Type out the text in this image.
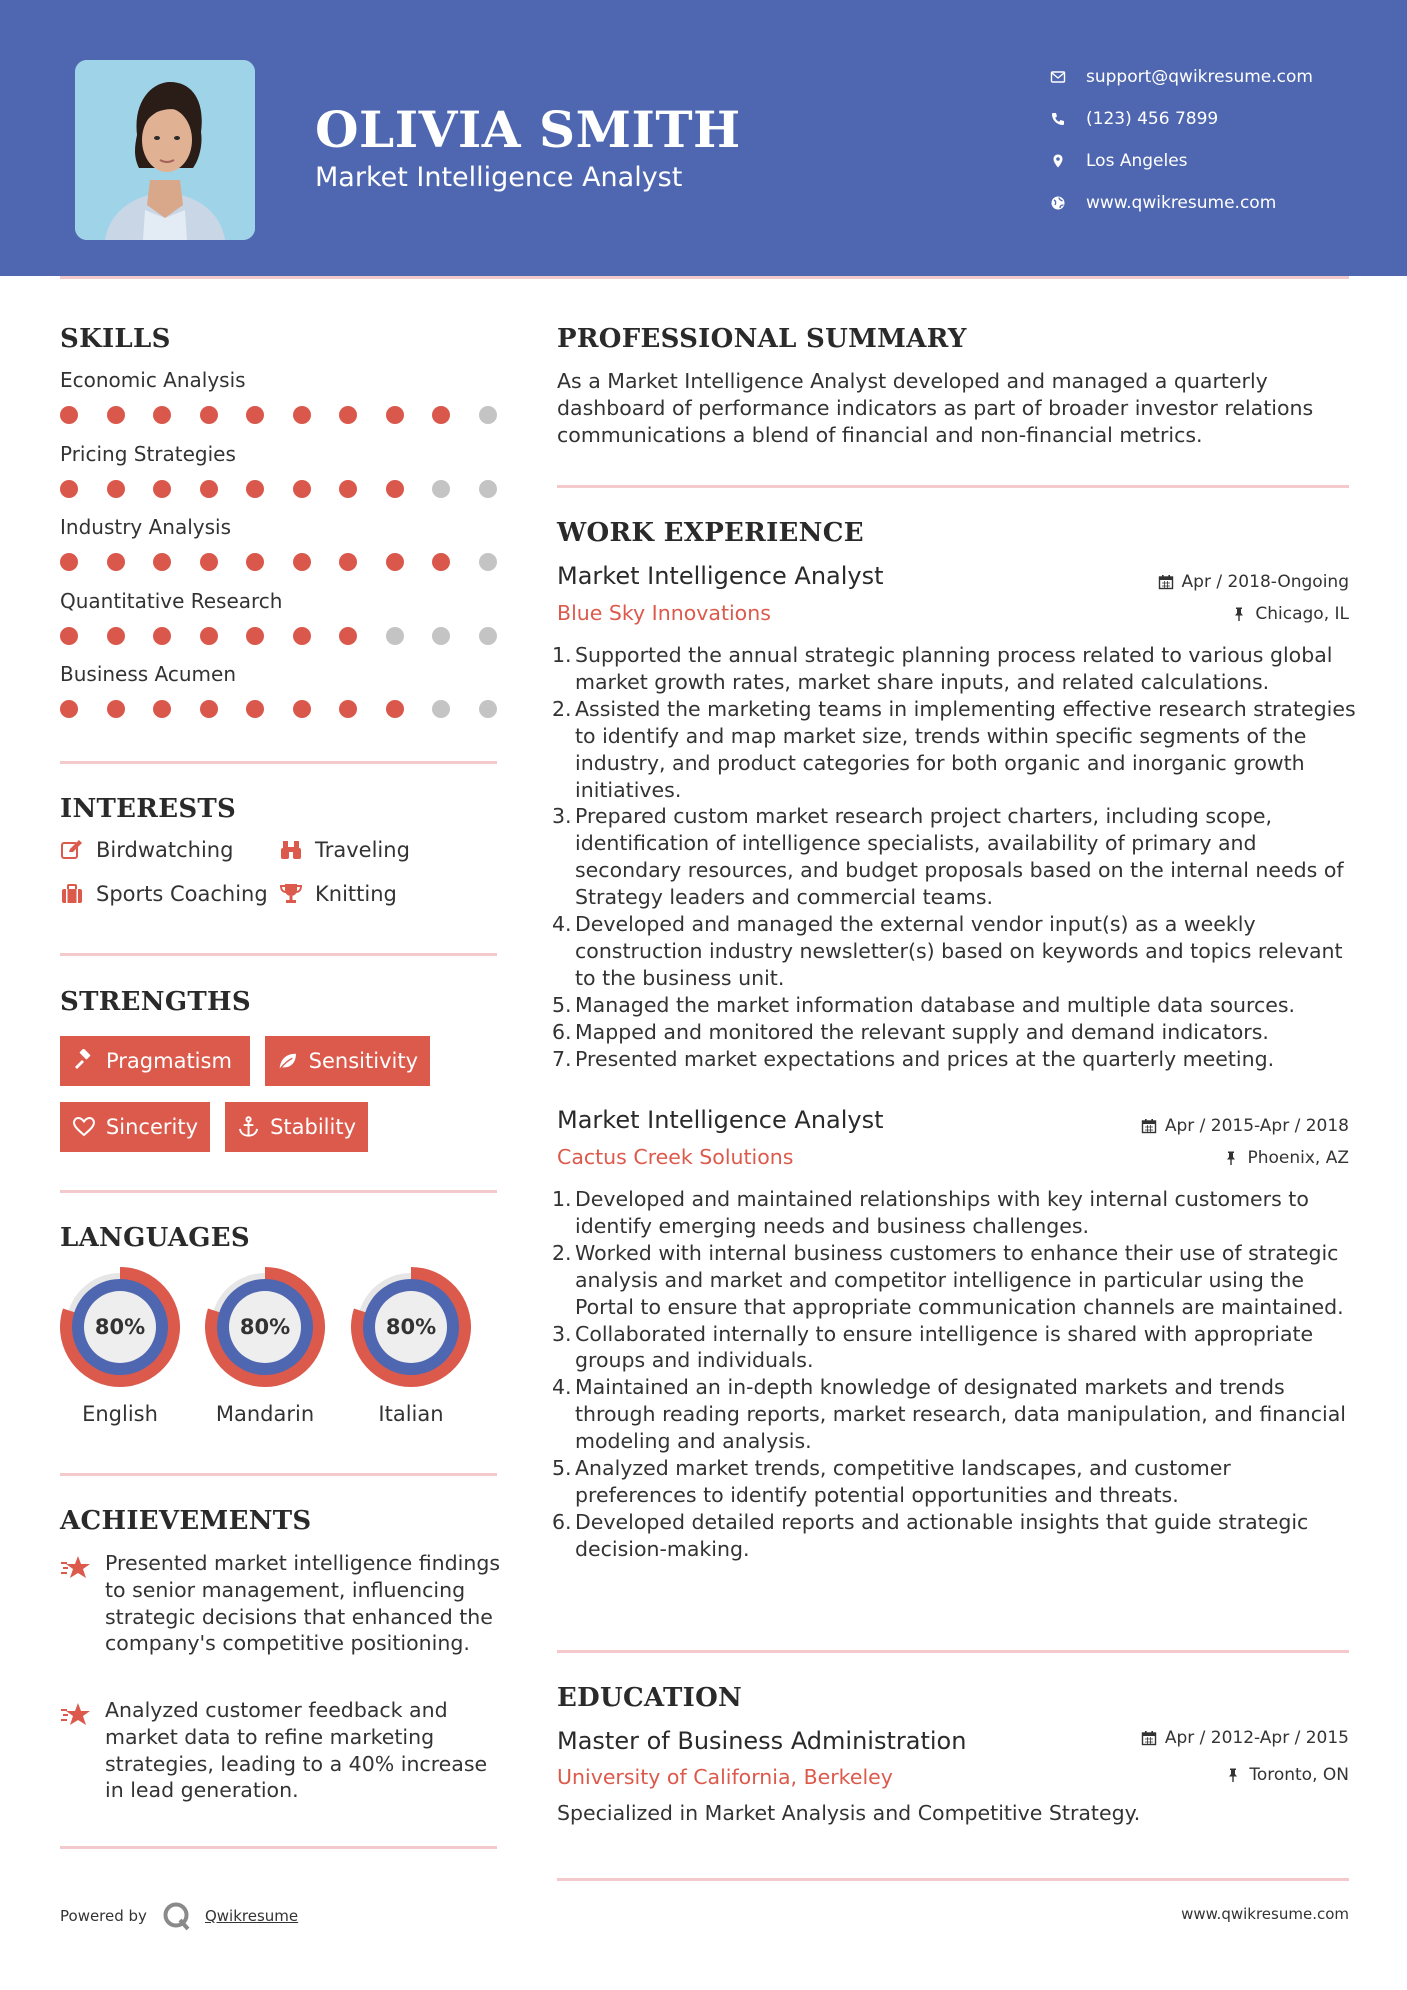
OLIVIA SMITH
Market Intelligence Analyst
support@qwikresume.com
(123) 456 7899
Los Angeles
www.qwikresume.com
SKILLS
Economic Analysis
Pricing Strategies
Industry Analysis
Quantitative Research
Business Acumen
INTERESTS
Birdwatching	Traveling
Sports Coaching Knitting
STRENGTHS
Pragmatism	Sensitivity
Sincerity	Stability
LANGUAGES
80%
English
80%
Mandarin
80%
Italian
ACHIEVEMENTS

Presented market intelligence findings to senior management, influencing strategic decisions that enhanced the company's competitive positioning.

Analyzed customer feedback and market data to refine marketing strategies, leading to a 40% increase in lead generation.

PROFESSIONAL SUMMARY
As a Market Intelligence Analyst developed and managed a quarterly dashboard of performance indicators as part of broader investor relations communications a blend of financial and non-financial metrics.
WORK EXPERIENCE
Market Intelligence Analyst	Apr / 2018-Ongoing
Blue Sky Innovations	Chicago, IL
Supported the annual strategic planning process related to various global market growth rates, market share inputs, and related calculations.
Assisted the marketing teams in implementing effective research strategies to identify and map market size, trends within specific segments of the industry, and product categories for both organic and inorganic growth initiatives.
Prepared custom market research project charters, including scope, identification of intelligence specialists, availability of primary and secondary resources, and budget proposals based on the internal needs of Strategy leaders and commercial teams.
Developed and managed the external vendor input(s) as a weekly construction industry newsletter(s) based on keywords and topics relevant to the business unit.
Managed the market information database and multiple data sources.
Mapped and monitored the relevant supply and demand indicators.
Presented market expectations and prices at the quarterly meeting.
Market Intelligence Analyst	Apr / 2015-Apr / 2018
Cactus Creek Solutions	Phoenix, AZ
Developed and maintained relationships with key internal customers to identify emerging needs and business challenges.
Worked with internal business customers to enhance their use of strategic analysis and market and competitor intelligence in particular using the Portal to ensure that appropriate communication channels are maintained.
Collaborated internally to ensure intelligence is shared with appropriate groups and individuals.
Maintained an in-depth knowledge of designated markets and trends through reading reports, market research, data manipulation, and financial modeling and analysis.
Analyzed market trends, competitive landscapes, and customer preferences to identify potential opportunities and threats.
Developed detailed reports and actionable insights that guide strategic decision-making.
EDUCATION
Master of Business Administration	Apr / 2012-Apr / 2015
University of California, Berkeley	Toronto, ON
Specialized in Market Analysis and Competitive Strategy.
Powered by	Qwikresume	www.qwikresume.com
